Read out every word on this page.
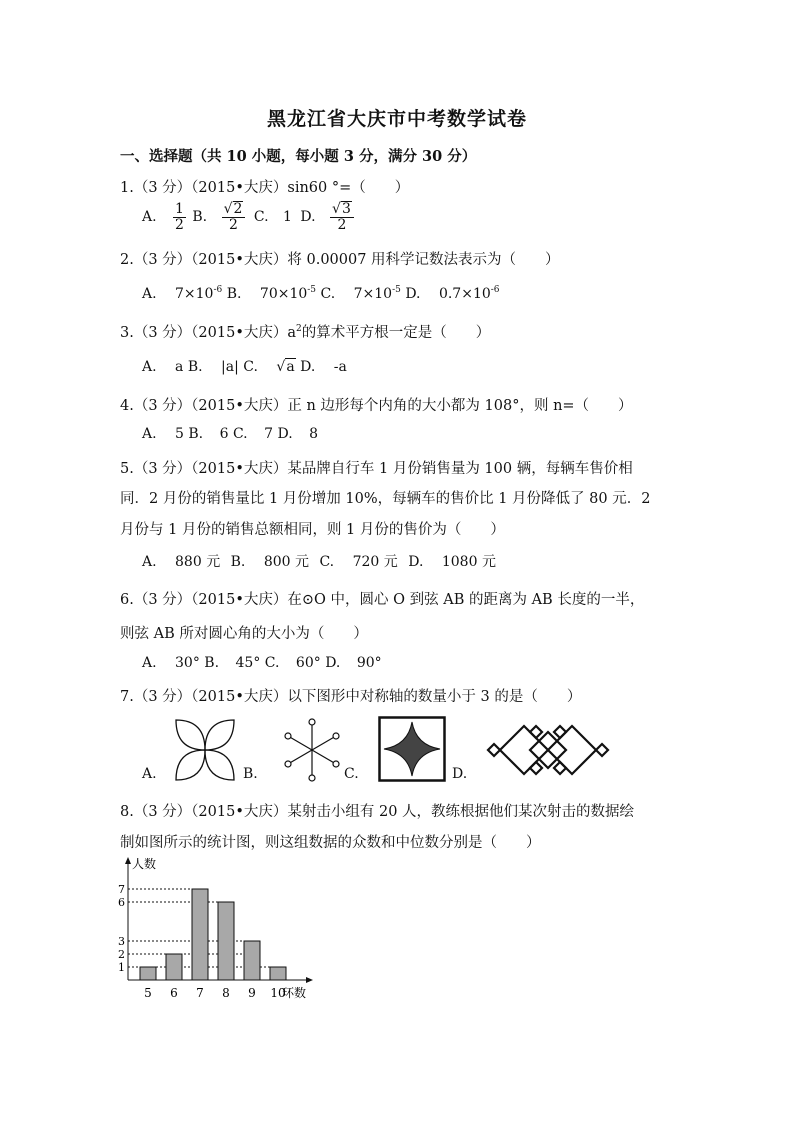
黑龙江省大庆市中考数学试卷
一、选择题（共 10 小题，每小题 3 分，满分 30 分）
1.（3 分）（2015•大庆）sin60 °=（　　）
A. $\frac{1}{2} B$. $\frac{√2}{2} C$. 1 D. $\frac{√3}{2}$
2.（3 分）（2015•大庆）将 0.00007 用科学记数法表示为（　　）
A. $7\times 10^{-6}$ B. $70\times 10^{-5}$ C. $7\times 10^{-5}$ D. $0.7\times 10^{-6}$
3.（3 分）（2015•大庆）$a^2$的算术平方根一定是（　　）
A. a B. |a| C. √a D. -a
4.（3 分）（2015•大庆）正 n 边形每个内角的大小都为 108°，则 n=（　　）
A. 5 B. 6 C. 7 D. 8
5.（3 分）（2015•大庆）某品牌自行车 1 月份销售量为 100 辆，每辆车售价相
同．2 月份的销售量比 1 月份增加 10%，每辆车的售价比 1 月份降低了 80 元．2
月份与 1 月份的销售总额相同，则 1 月份的售价为（　　）
A. 880 元 B. 800 元 C. 720 元 D. 1080 元
6.（3 分）（2015•大庆）在⊙O 中，圆心 O 到弦 AB 的距离为 AB 长度的一半，
则弦 AB 所对圆心角的大小为（　　）
A. 30° B. 45° C. 60° D. 90°
7.（3 分）（2015•大庆）以下图形中对称轴的数量小于 3 的是（　　）
A.	B.	C.	D.
8.（3 分）（2015•大庆）某射击小组有 20 人，教练根据他们某次射击的数据绘
制如图所示的统计图，则这组数据的众数和中位数分别是（　　）
人数
环数
1
2
3
6
7
5 6 7 8 9 10
